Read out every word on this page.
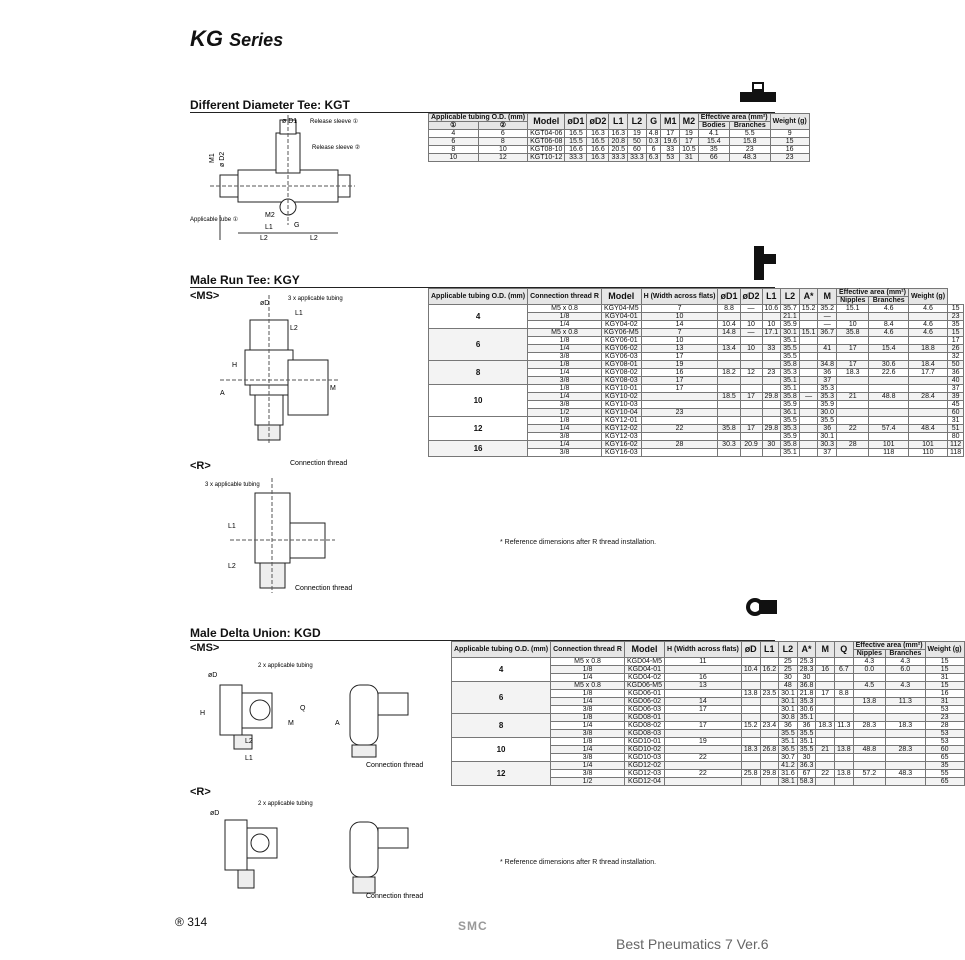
KG Series
Different Diameter Tee: KGT
ø D1 Release sleeve ①
Release sleeve ②
ø D2
M1
Applicable tube ①
M2
L1
L2	L2
G
Applicable tubing O.D. (mm)		Model	øD1	øD2	L1	L2	G	M1	M2	Effective area (mm²)		Weight (g)
①	②									Bodies	Branches	
4	6	KGT04-06	16.5	16.3	16.3	19	4.8	17	19	4.1	5.5	9
6	8	KGT06-08	15.5	16.5	20.8	50	0.3	19.6	17	15.4	15.8	15
8	10	KGT08-10	16.6	16.6	20.5	60	6	33	10.5	35	23	16
10	12	KGT10-12	33.3	16.3	33.3	33.3	6.3	53	31	66	48.3	23
Male Run Tee: KGY
<MS>
<R>
øD
3 x applicable tubing
L1
L2
A
H
M
Connection thread
3 x applicable tubing
L1
L2
Connection thread
Applicable tubing O.D. (mm)	Connection thread R	Model	H (Width across flats)	øD1	øD2	L1	L2	A*	M	Effective area (mm²)		Weight (g)	
										Nipples	Branches		
4	M5 x 0.8	KGY04-M5	7	8.8	—	10.6	35.7	15.2	35.2	15.1	4.6	4.6	15
	1/8	KGY04-01	10				21.1		—				23
	1/4	KGY04-02	14	10.4	10	10	35.9		—	10	8.4	4.6	35
6	M5 x 0.8	KGY06-M5	7	14.8	—	17.1	30.1	15.1	36.7	35.8	4.6	4.6	15
	1/8	KGY06-01	10				35.1						17
	1/4	KGY06-02	13	13.4	10	33	35.5		41	17	15.4	18.8	26
	3/8	KGY06-03	17				35.5						32
8	1/8	KGY08-01	19				35.8		34.8	17	30.6	18.4	50
	1/4	KGY08-02	16	18.2	12	23	35.3		36	18.3	22.6	17.7	36
	3/8	KGY08-03	17				35.1		37				40
10	1/8	KGY10-01	17				35.1		35.3				37
	1/4	KGY10-02		18.5	17	29.8	35.8	—	35.3	21	48.8	28.4	39
	3/8	KGY10-03					35.9		35.9				45
	1/2	KGY10-04	23				36.1		30.0				60
12	1/8	KGY12-01					35.5		35.5				31
	1/4	KGY12-02	22	35.8	17	29.8	35.3		36	22	57.4	48.4	51
	3/8	KGY12-03					35.9		30.1				80
16	1/4	KGY16-02	28	30.3	20.9	30	35.8		30.3	28	101	101	112
	3/8	KGY16-03					35.1		37		118	110	118
* Reference dimensions after R thread installation.
Male Delta Union: KGD
<MS>
<R>
øD
2 x applicable tubing
L1
L2
A
H
M
Q
Connection thread
øD
2 x applicable tubing
Connection thread
Applicable tubing O.D. (mm)	Connection thread R	Model	H (Width across flats)	øD	L1	L2	A*	M	Q	Effective area (mm²)		Weight (g)
										Nipples	Branches	
4	M5 x 0.8	KGD04-M5	11			25	25.3			4.3	4.3	15
	1/8	KGD04-01		10.4	16.2	25	28.3	16	6.7	0.0	6.0	15
	1/4	KGD04-02	16			30	30					31
6	M5 x 0.8	KGD06-M5	13			48	36.8			4.5	4.3	15
	1/8	KGD06-01		13.8	23.5	30.1	21.8	17	8.8			16
	1/4	KGD06-02	14			30.1	35.3			13.8	11.3	31
	3/8	KGD06-03	17			30.1	30.6					53
8	1/8	KGD08-01				30.8	35.1					23
	1/4	KGD08-02	17	15.2	23.4	36	36	18.3	11.3	28.3	18.3	28
	3/8	KGD08-03				35.5	35.5					53
10	1/8	KGD10-01	19			35.1	35.1					53
	1/4	KGD10-02		18.3	26.8	36.5	35.5	21	13.8	48.8	28.3	60
	3/8	KGD10-03	22			30.7	30					65
12	1/4	KGD12-02				41.2	36.3					35
	3/8	KGD12-03	22	25.8	29.8	31.6	67	22	13.8	57.2	48.3	55
	1/2	KGD12-04				38.1	58.3					65
* Reference dimensions after R thread installation.
® 314	SMC
Best Pneumatics 7 Ver.6
